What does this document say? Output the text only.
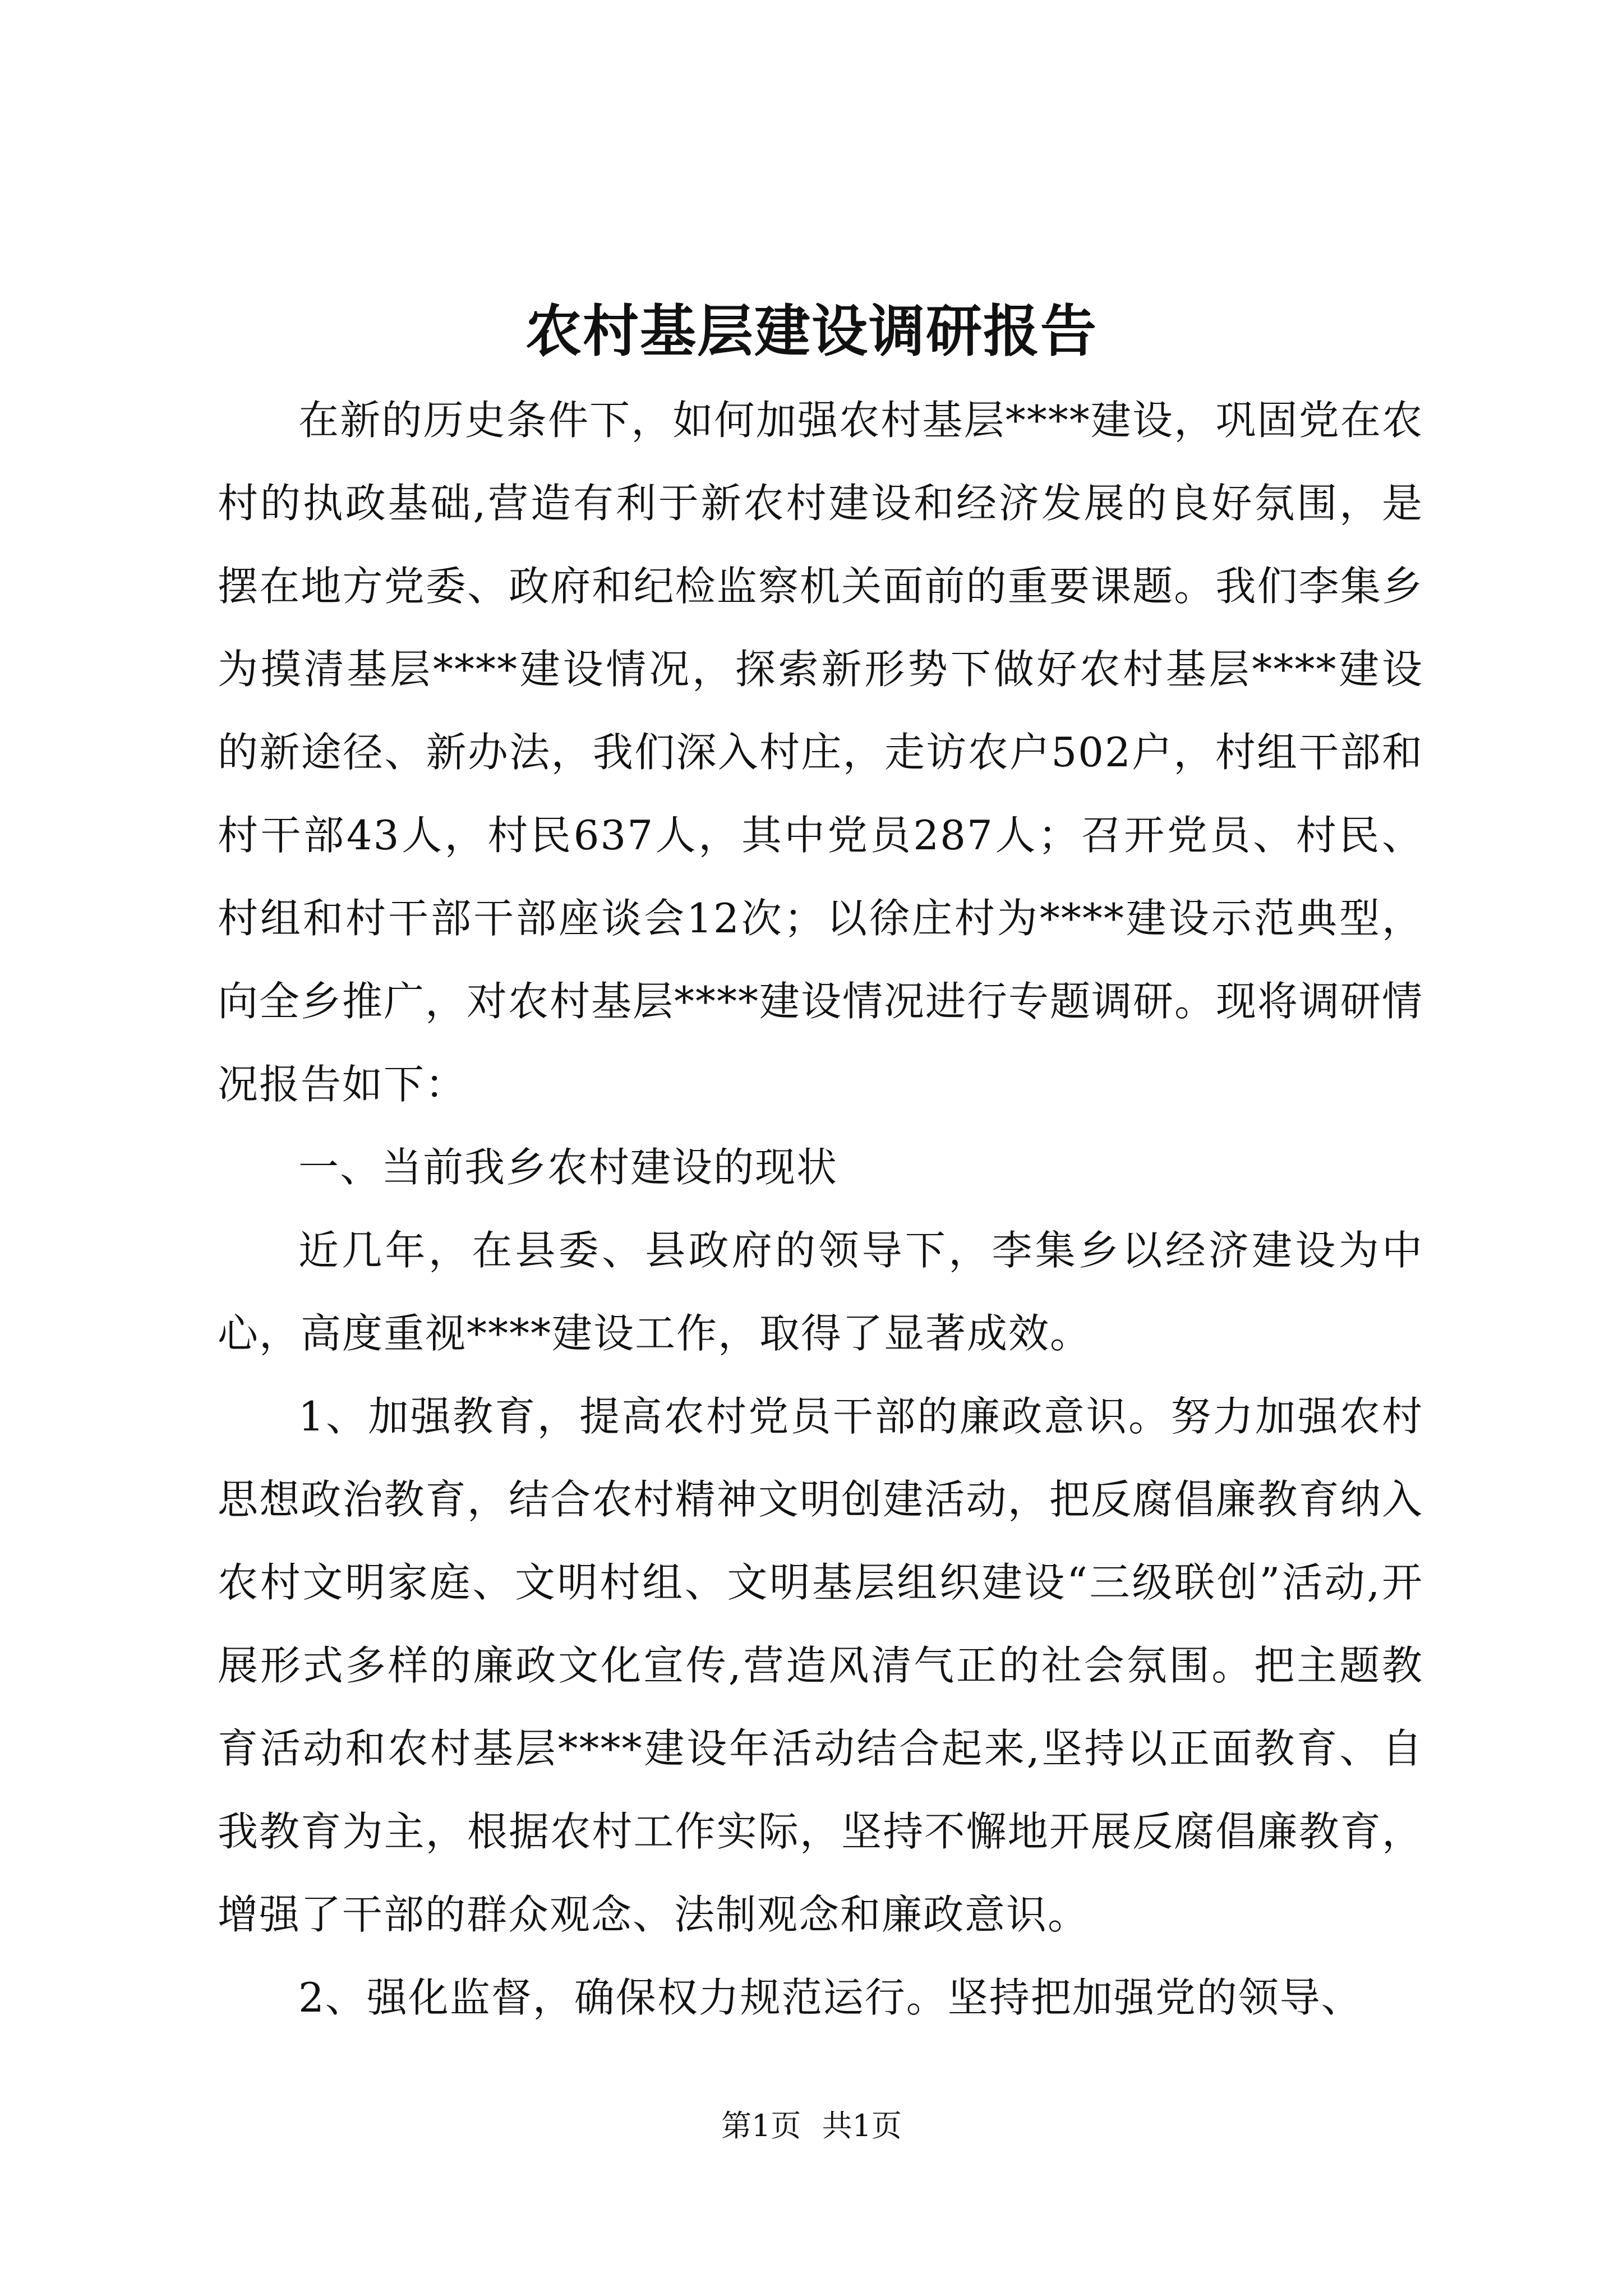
农村基层建设调研报告

在新的历史条件下，如何加强农村基层****建设，巩固党在农村的执政基础,营造有利于新农村建设和经济发展的良好氛围，是摆在地方党委、政府和纪检监察机关面前的重要课题。我们李集乡为摸清基层****建设情况，探索新形势下做好农村基层****建设的新途径、新办法，我们深入村庄，走访农户502户，村组干部和村干部43人，村民637人，其中党员287人；召开党员、村民、村组和村干部干部座谈会12次；以徐庄村为****建设示范典型，向全乡推广，对农村基层****建设情况进行专题调研。现将调研情况报告如下：

一、当前我乡农村建设的现状

近几年，在县委、县政府的领导下，李集乡以经济建设为中心，高度重视****建设工作，取得了显著成效。

1、加强教育，提高农村党员干部的廉政意识。努力加强农村思想政治教育，结合农村精神文明创建活动，把反腐倡廉教育纳入农村文明家庭、文明村组、文明基层组织建设“三级联创”活动,开展形式多样的廉政文化宣传,营造风清气正的社会氛围。把主题教育活动和农村基层****建设年活动结合起来,坚持以正面教育、自我教育为主，根据农村工作实际，坚持不懈地开展反腐倡廉教育，增强了干部的群众观念、法制观念和廉政意识。

2、强化监督，确保权力规范运行。坚持把加强党的领导、

第1页 共1页
